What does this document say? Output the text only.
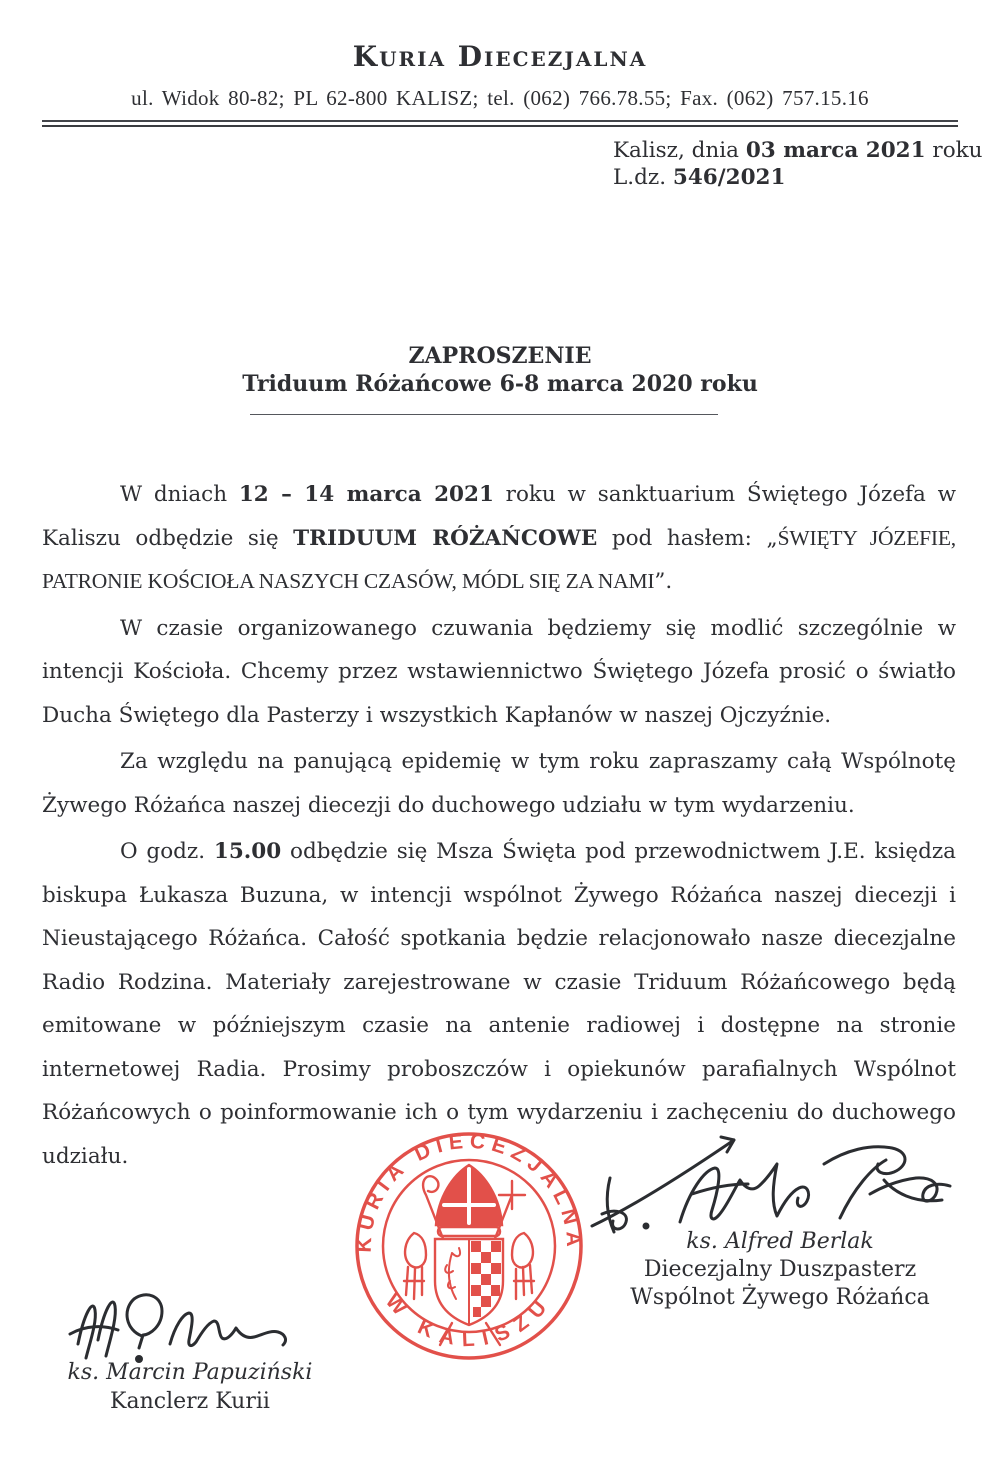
Kuria Diecezjalna
ul. Widok 80-82; PL 62-800 KALISZ; tel. (062) 766.78.55; Fax. (062) 757.15.16
Kalisz, dnia 03 marca 2021 roku
L.dz. 546/2021
ZAPROSZENIE
Triduum Różańcowe 6-8 marca 2020 roku

W dniach 12 – 14 marca 2021 roku w sanktuarium Świętego Józefa w Kaliszu odbędzie się TRIDUUM RÓŻAŃCOWE pod hasłem: „ŚWIĘTY JÓZEFIE, PATRONIE KOŚCIOŁA NASZYCH CZASÓW, MÓDL SIĘ ZA NAMI”.

W czasie organizowanego czuwania będziemy się modlić szczególnie w intencji Kościoła. Chcemy przez wstawiennictwo Świętego Józefa prosić o światło Ducha Świętego dla Pasterzy i wszystkich Kapłanów w naszej Ojczyźnie.

Za względu na panującą epidemię w tym roku zapraszamy całą Wspólnotę Żywego Różańca naszej diecezji do duchowego udziału w tym wydarzeniu.

O godz. 15.00 odbędzie się Msza Święta pod przewodnictwem J.E. księdza biskupa Łukasza Buzuna, w intencji wspólnot Żywego Różańca naszej diecezji i Nieustającego Różańca. Całość spotkania będzie relacjonowało nasze diecezjalne Radio Rodzina. Materiały zarejestrowane w czasie Triduum Różańcowego będą emitowane w późniejszym czasie na antenie radiowej i dostępne na stronie internetowej Radia. Prosimy proboszczów i opiekunów parafialnych Wspólnot Różańcowych o poinformowanie ich o tym wydarzeniu i zachęceniu do duchowego udziału.

KURIA DIECEZJALNA
W KALISZU
ks. Alfred Berlak
Diecezjalny Duszpasterz
Wspólnot Żywego Różańca
ks. Marcin Papuziński
Kanclerz Kurii
